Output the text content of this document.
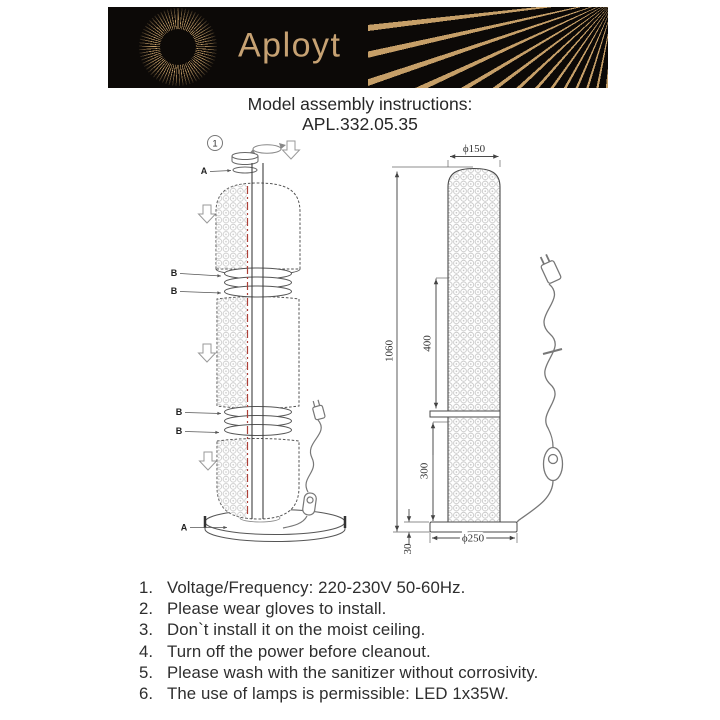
Aployt
Model assembly instructions:
APL.332.05.35
1
A
B
B
B
B
A
ϕ150
1060 400
300
30
ϕ250
1. Voltage/Frequency: 220-230V 50-60Hz.
2. Please wear gloves to install.
3. Don`t install it on the moist ceiling.
4. Turn off the power before cleanout.
5. Please wash with the sanitizer without corrosivity.
6. The use of lamps is permissible: LED 1x35W.
